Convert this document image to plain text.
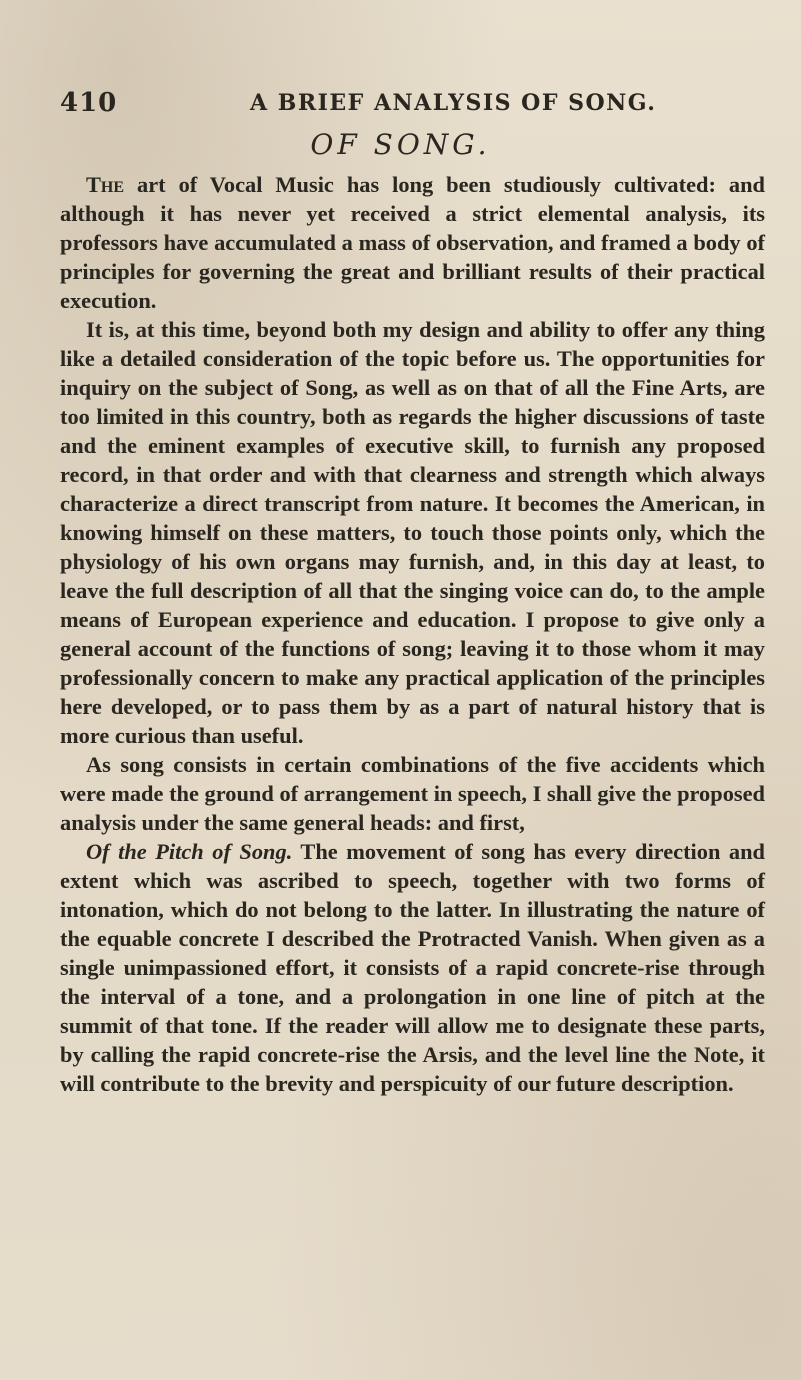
410	A BRIEF ANALYSIS OF SONG.
OF SONG.

The art of Vocal Music has long been studiously cultivated: and although it has never yet received a strict elemental analysis, its professors have accumulated a mass of observation, and framed a body of principles for governing the great and brilliant results of their practical execution.

It is, at this time, beyond both my design and ability to offer any thing like a detailed consideration of the topic before us. The opportunities for inquiry on the subject of Song, as well as on that of all the Fine Arts, are too limited in this country, both as regards the higher discussions of taste and the eminent examples of executive skill, to furnish any proposed record, in that order and with that clearness and strength which always characterize a direct transcript from nature. It becomes the American, in knowing himself on these matters, to touch those points only, which the physiology of his own organs may furnish, and, in this day at least, to leave the full description of all that the singing voice can do, to the ample means of European experience and education. I propose to give only a general account of the functions of song; leaving it to those whom it may professionally concern to make any practical application of the principles here developed, or to pass them by as a part of natural history that is more curious than useful.

As song consists in certain combinations of the five accidents which were made the ground of arrangement in speech, I shall give the proposed analysis under the same general heads: and first,

Of the Pitch of Song. The movement of song has every direction and extent which was ascribed to speech, together with two forms of intonation, which do not belong to the latter. In illustrating the nature of the equable concrete I described the Protracted Vanish. When given as a single unimpassioned effort, it consists of a rapid concrete-rise through the interval of a tone, and a prolongation in one line of pitch at the summit of that tone. If the reader will allow me to designate these parts, by calling the rapid concrete-rise the Arsis, and the level line the Note, it will contribute to the brevity and perspicuity of our future description.
